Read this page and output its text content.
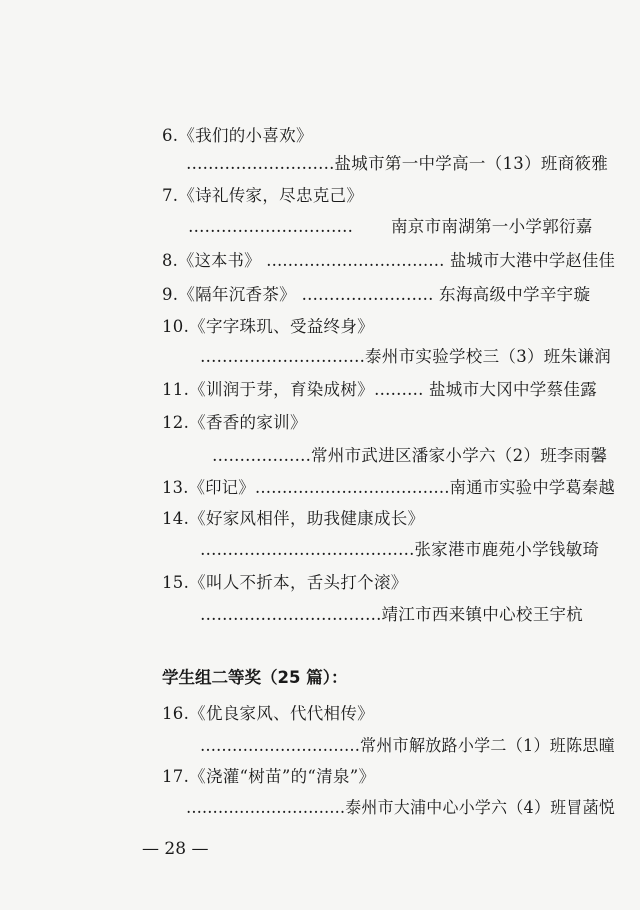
6.《我们的小喜欢》
………………………盐城市第一中学高一（13）班商筱雅
7.《诗礼传家，尽忠克己》
………………………… 南京市南湖第一小学郭衍嘉
8.《这本书》 …………………………… 盐城市大港中学赵佳佳
9.《隔年沉香茶》 …………………… 东海高级中学辛宇璇
10.《字字珠玑、受益终身》
…………………………泰州市实验学校三（3）班朱谦润
11.《训润于芽，育染成树》……… 盐城市大冈中学蔡佳露
12.《香香的家训》
………………常州市武进区潘家小学六（2）班李雨馨
13.《印记》………………………………南通市实验中学葛秦越
14.《好家风相伴，助我健康成长》
…………………………………张家港市鹿苑小学钱敏琦
15.《叫人不折本，舌头打个滚》
……………………………靖江市西来镇中心校王宇杭
学生组二等奖（25 篇）：
16.《优良家风、代代相传》
…………………………常州市解放路小学二（1）班陈思曈
17.《浇灌“树苗”的“清泉”》
…………………………泰州市大浦中心小学六（4）班冒菡悦
— 28 —
